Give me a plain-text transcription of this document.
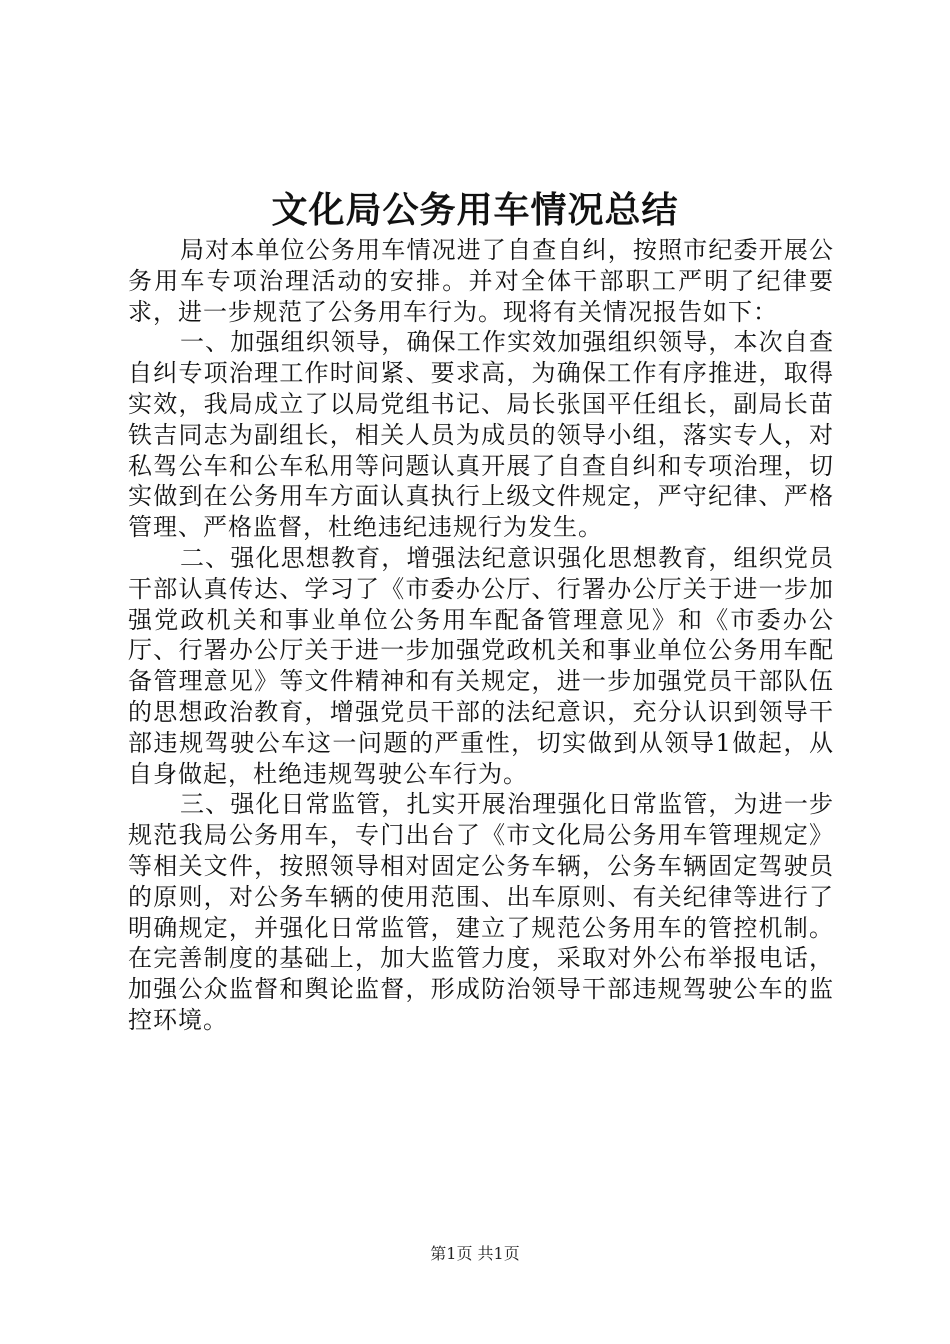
文化局公务用车情况总结

局对本单位公务用车情况进了自查自纠，按照市纪委开展公务用车专项治理活动的安排。并对全体干部职工严明了纪律要求，进一步规范了公务用车行为。现将有关情况报告如下：

一、加强组织领导，确保工作实效加强组织领导，本次自查自纠专项治理工作时间紧、要求高，为确保工作有序推进，取得实效，我局成立了以局党组书记、局长张国平任组长，副局长苗铁吉同志为副组长，相关人员为成员的领导小组，落实专人，对私驾公车和公车私用等问题认真开展了自查自纠和专项治理，切实做到在公务用车方面认真执行上级文件规定，严守纪律、严格管理、严格监督，杜绝违纪违规行为发生。

二、强化思想教育，增强法纪意识强化思想教育，组织党员干部认真传达、学习了《市委办公厅、行署办公厅关于进一步加强党政机关和事业单位公务用车配备管理意见》和《市委办公厅、行署办公厅关于进一步加强党政机关和事业单位公务用车配备管理意见》等文件精神和有关规定，进一步加强党员干部队伍的思想政治教育，增强党员干部的法纪意识，充分认识到领导干部违规驾驶公车这一问题的严重性，切实做到从领导1做起，从自身做起，杜绝违规驾驶公车行为。

三、强化日常监管，扎实开展治理强化日常监管，为进一步规范我局公务用车，专门出台了《市文化局公务用车管理规定》等相关文件，按照领导相对固定公务车辆，公务车辆固定驾驶员的原则，对公务车辆的使用范围、出车原则、有关纪律等进行了明确规定，并强化日常监管，建立了规范公务用车的管控机制。在完善制度的基础上，加大监管力度，采取对外公布举报电话，加强公众监督和舆论监督，形成防治领导干部违规驾驶公车的监控环境。

第1页 共1页
